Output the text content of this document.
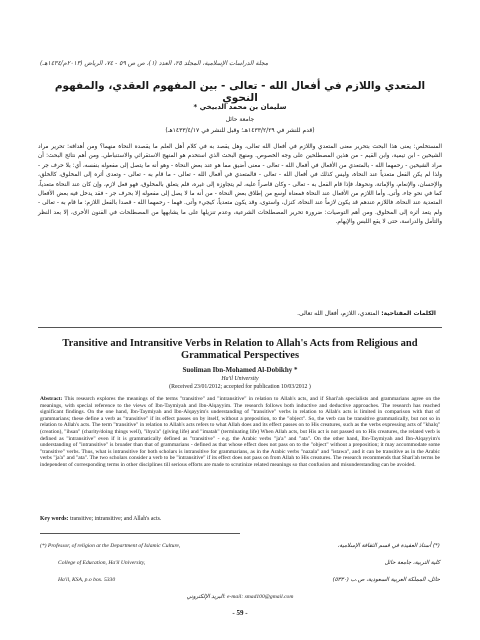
مجلة الدراسات الإسلامية، المجلد ٢٥، العدد (١)، ص ص ٥٩ - ٧٤، الرياض (٢٠١٣م/١٤٣٤هـ)
المتعدي واللازم في أفعال الله - تعالى - بين المفهوم العقدي، والمفهوم النحوي
سليمان بن محمد الدبيخي *
جامعة حائل
(قدم للنشر في ١٤٣٣/٢/٢٩هـ؛ وقبل للنشر في ١٤٣٣/٤/١٧هـ)
المستخلص: يعنى هذا البحث بتحرير معنى المتعدي واللازم في أفعال الله تعالى، وهل يقصد به في كلام أهل العلم ما يقصده النحاة منهما؟ ومن أهدافه: تحرير مراد الشيخين - ابن تيمية، وابن القيم - من هذين المصطلحين على وجه الخصوص. ومنهج البحث الذي استخدم هو المنهج الاستقرائي والاستنباطي. ومن أهم نتائج البحث: أن مراد الشيخين - رحمهما الله - بالمتعدي من الأفعال في أفعال الله - تعالى - معنى أضيق مما هو عند بعض النحاة - وهو أنه ما يتصل إلى مفعوله بنفسه، أي: بلا حرف جر - ولذا لم يكن الفعل متعدياً عند النحاة، وليس كذلك في أفعال الله - تعالى - فالمتعدي في أفعال الله - تعالى - ما قام به - تعالى - وتعدى أثره إلى المخلوق، كالخلق، والإحسان، والإنعام، والإماتة، ونحوها، فإذا قام الفعل به - تعالى - وكان قاصراً عليه، لم يتجاوزه إلى غيره، فلم يتعلق بالمخلوق، فهو فعل لازم، وإن كان عند النحاة متعدياً، كما في نحو جاء، وأتى. وأما اللازم من الأفعال عند النحاة فمعناه أوسع من إطلاق بعض النحاة - من أنه ما لا يصل إلى مفعوله إلا بحرف جر - فقد يدخل فيه بعض الأفعال المتعدية عند النحاة، فاللازم عندهم قد يكون لازماً عند النحاة، كنزل، واستوى، وقد يكون متعدياً، كيجيء وأتى. فهما - رحمهما الله - قصدا بالفعل اللازم: ما قام به - تعالى - ولم يتعد أثره إلى المخلوق. ومن أهم التوصيات: ضرورة تحرير المصطلحات الشرعية، وعدم تنزيلها على ما يشابهها من المصطلحات في الفنون الأخرى، إلا بعد النظر والتأمل والدراسة، حتى لا يقع اللبس والإيهام.
الكلمات المفتاحية: المتعدي، اللازم، أفعال الله تعالى.
Transitive and Intransitive Verbs in Relation to Allah's Acts from Religious and Grammatical Perspectives
Suoliman Ibn-Mohamed Al-Dobikhy *
Ha'il University
(Received 23/01/2012; accepted for publication 10/03/2012 )
Abstract: This research explores the meanings of the terms "transitive" and "intransitive" in relation to Allah's acts, and if Shari'ah specialists and grammarians agree on the meanings, with special reference to the views of Ibn-Taymiyah and Ibn-Alqayyim. The research follows both inductive and deductive approaches. The research has reached significant findings. On the one hand, Ibn-Taymiyah and Ibn-Alqayyim's understanding of "transitive" verbs in relation to Allah's acts is limited in comparison with that of grammarians; these define a verb as "transitive" if its effect passes on by itself, without a preposition, to the "object". So, the verb can be transitive grammatically, but not so in relation to Allah's acts. The term "transitive" in relation to Allah's acts refers to what Allah does and its effect passes on to His creatures, such as the verbs expressing acts of "khalq" (creation), "ihsan" (charity/doing things well), "ihya'a" (giving life) and "imatah" (terminating life) When Allah acts, but His act is not passed on to His creatures, the related verb is defined as "intransitive" even if it is grammatically defined as "transitive" - e.g. the Arabic verbs "ja'a" and "ata". On the other hand, Ibn-Taymiyah and Ibn-Alqayyim's understanding of "intransitive" is broader than that of grammarians - defined as that whose effect does not pass on to the "object" without a preposition; it may accommodate some "transitive" verbs. Thus, what is intransitive for both scholars is intransitive for grammarians, as in the Arabic verbs "nazala" and "istawa", and it can be transitive as in the Arabic verbs "ja'a" and "ata". The two scholars consider a verb to be "intransitive" if its effect does not pass on from Allah to His creatures. The research recommends that Shari'ah terms be independent of corresponding terms in other disciplines till serious efforts are made to scrutinize related meanings so that confusion and misunderstanding can be avoided.
Key words: transitive; intransitive; and Allah's acts.
(*) Professor, of religion at the Department of Islamic Culture,
College of Education, Ha'il University,
Ha'il, KSA, p.o box. 5330
(*) أستاذ العقيدة في قسم الثقافة الإسلامية،
كلية التربية، جامعة حائل
حائل، المملكة العربية السعودية، ص.ب (٥٣٣٠)
البريد الإلكتروني: e-mail: smad100@gmail.com
- 59 -
